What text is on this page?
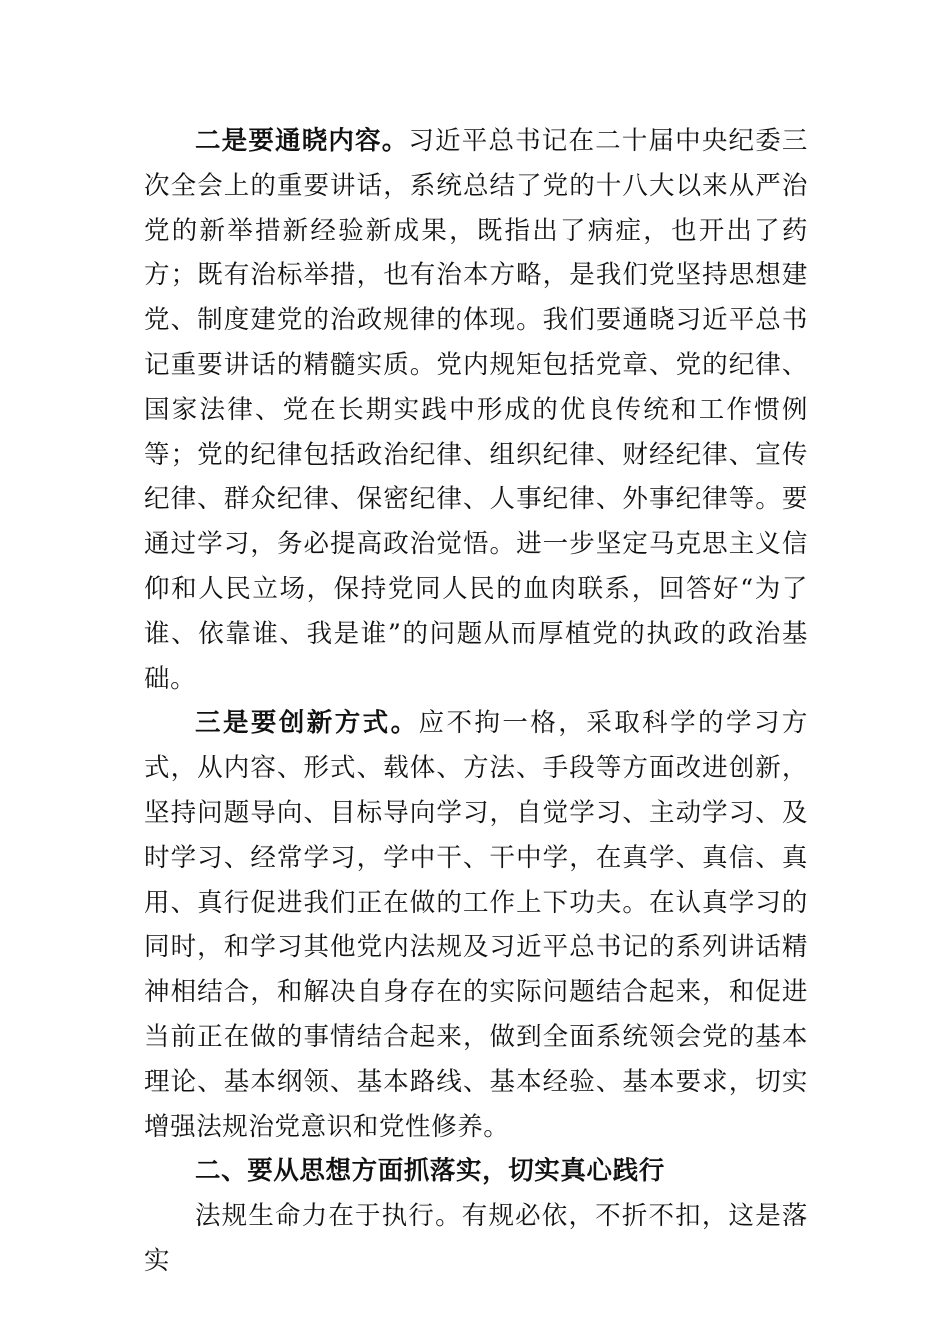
二是要通晓内容。习近平总书记在二十届中央纪委三次全会上的重要讲话，系统总结了党的十八大以来从严治党的新举措新经验新成果，既指出了病症，也开出了药方；既有治标举措，也有治本方略，是我们党坚持思想建党、制度建党的治政规律的体现。我们要通晓习近平总书记重要讲话的精髓实质。党内规矩包括党章、党的纪律、国家法律、党在长期实践中形成的优良传统和工作惯例等；党的纪律包括政治纪律、组织纪律、财经纪律、宣传纪律、群众纪律、保密纪律、人事纪律、外事纪律等。要通过学习，务必提高政治觉悟。进一步坚定马克思主义信仰和人民立场，保持党同人民的血肉联系，回答好“为了谁、依靠谁、我是谁”的问题从而厚植党的执政的政治基础。

三是要创新方式。应不拘一格，采取科学的学习方式，从内容、形式、载体、方法、手段等方面改进创新，坚持问题导向、目标导向学习，自觉学习、主动学习、及时学习、经常学习，学中干、干中学，在真学、真信、真用、真行促进我们正在做的工作上下功夫。在认真学习的同时，和学习其他党内法规及习近平总书记的系列讲话精神相结合，和解决自身存在的实际问题结合起来，和促进当前正在做的事情结合起来，做到全面系统领会党的基本理论、基本纲领、基本路线、基本经验、基本要求，切实增强法规治党意识和党性修养。

二、要从思想方面抓落实，切实真心践行

法规生命力在于执行。有规必依，不折不扣，这是落实
